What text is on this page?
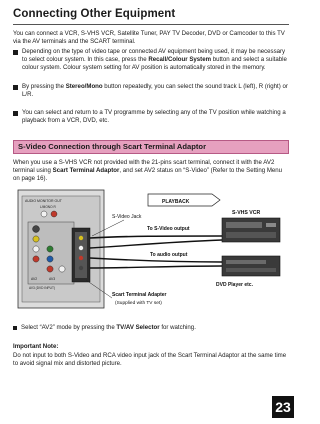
Connecting Other Equipment
You can connect a VCR, S-VHS VCR, Satellite Tuner, PAY TV Decoder, DVD or Camcoder to this TV via the AV terminals and the SCART terminal.
Depending on the type of video tape or connected AV equipment being used, it may be necessary to select colour system. In this case, press the Recall/Colour System button and select a suitable colour system. Colour system setting for AV position is automatically stored in the memory.
By pressing the Stereo/Mono button repeatedly, you can select the sound track L (left), R (right) or L/R.
You can select and return to a TV programme by selecting any of the TV position while watching a playback from a VCR, DVD, etc.
S-Video Connection through Scart Terminal Adaptor
When you use a S-VHS VCR not provided with the 21-pins scart terminal, connect it with the AV2 terminal using Scart Terminal Adaptor, and set AV2 status on “S-Video” (Refer to the Setting Menu on page 16).
AUDIO MONITOR OUT
L/MONO R
AV2	AV3
AV3 (DVD INPUT)
PLAYBACK
S-Video Jack
To S-Video output
To audio output
S-VHS VCR
DVD Player etc.
Scart Terminal Adapter
(Supplied with TV set)
Select “AV2” mode by pressing the TV/AV Selector for watching.
Important Note:
Do not input to both S-Video and RCA video input jack of the Scart Terminal Adaptor at the same time to avoid signal mix and distorted picture.
23
